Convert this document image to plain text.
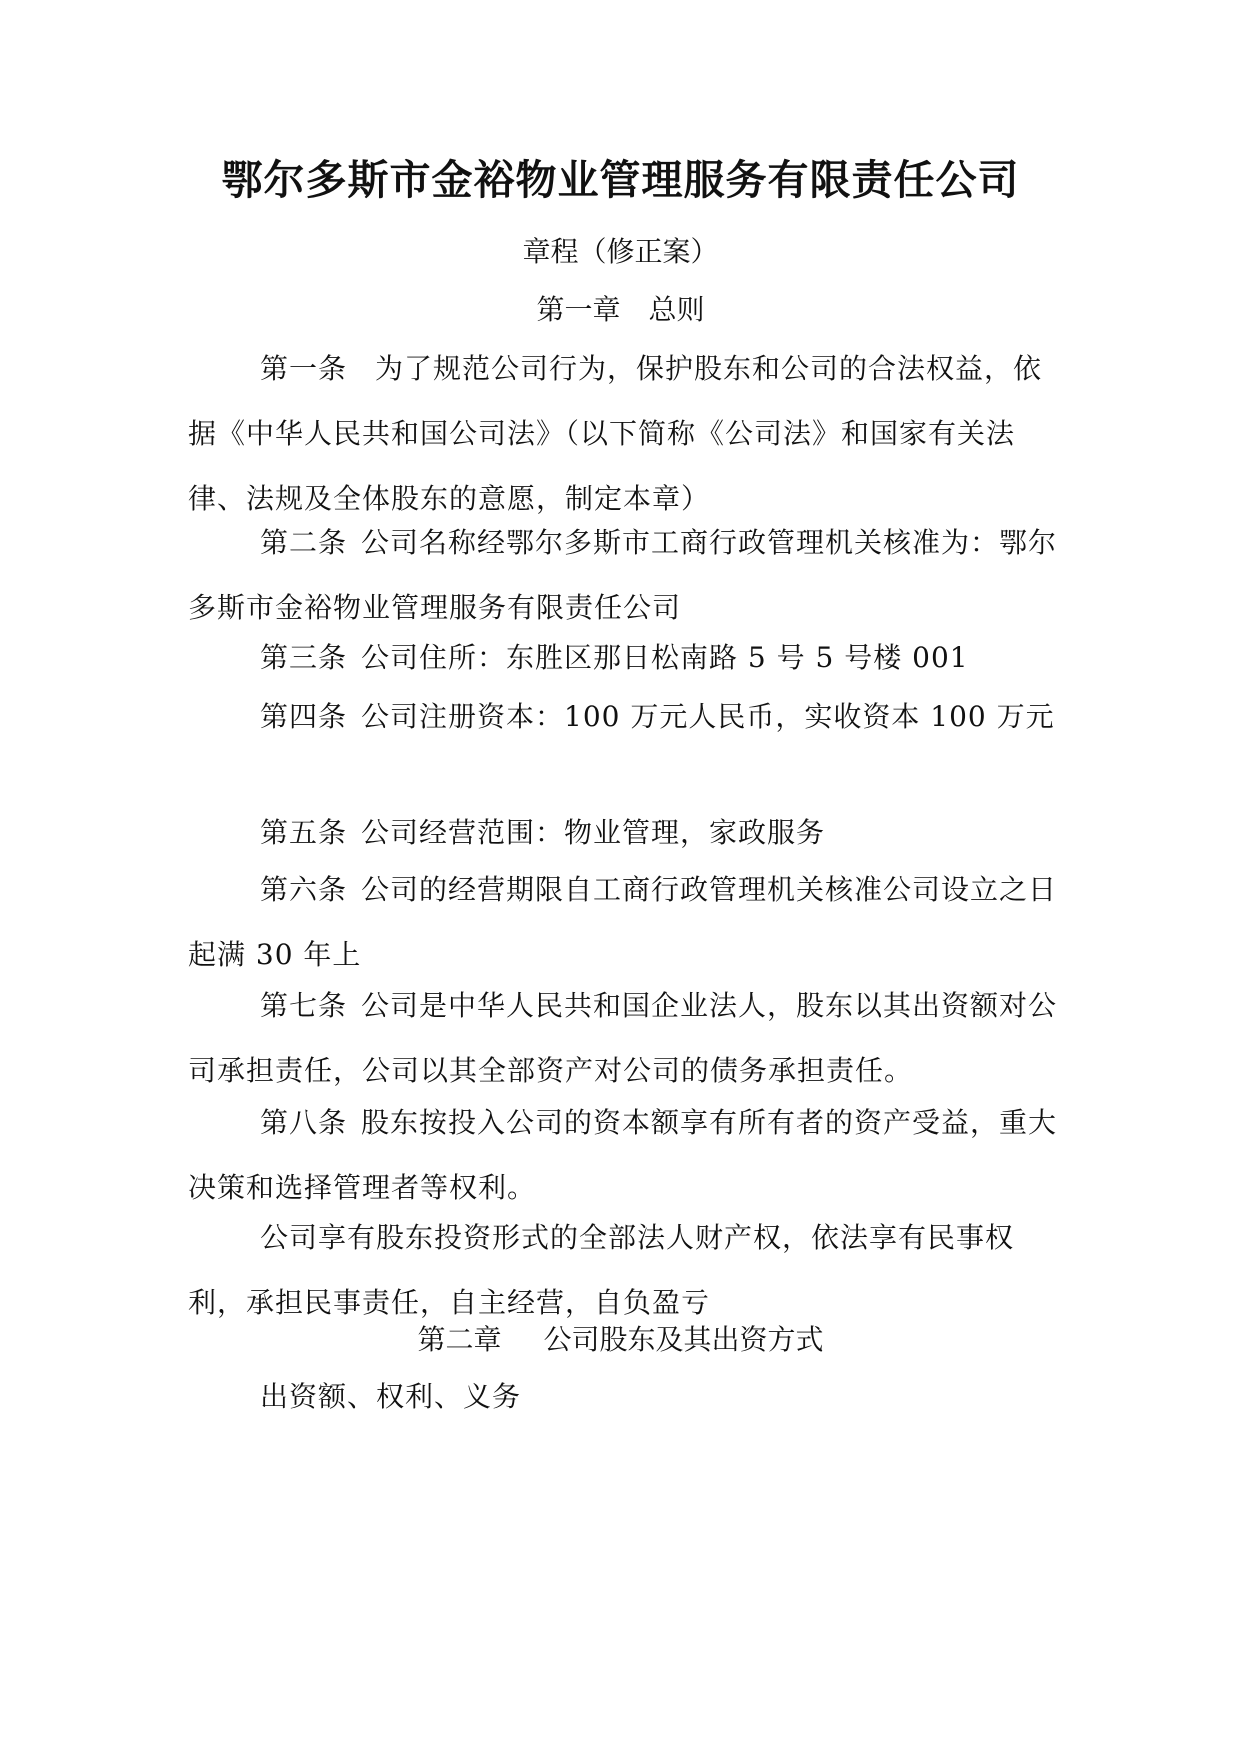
鄂尔多斯市金裕物业管理服务有限责任公司
章程（修正案）
第一章 总则
第一条 为了规范公司行为，保护股东和公司的合法权益，依据《中华人民共和国公司法》（以下简称《公司法》和国家有关法律、法规及全体股东的意愿，制定本章）
第二条 公司名称经鄂尔多斯市工商行政管理机关核准为：鄂尔多斯市金裕物业管理服务有限责任公司
第三条 公司住所：东胜区那日松南路 5 号 5 号楼 001
第四条 公司注册资本：100 万元人民币，实收资本 100 万元
第五条 公司经营范围：物业管理，家政服务
第六条 公司的经营期限自工商行政管理机关核准公司设立之日起满 30 年上
第七条 公司是中华人民共和国企业法人，股东以其出资额对公司承担责任，公司以其全部资产对公司的债务承担责任。
第八条 股东按投入公司的资本额享有所有者的资产受益，重大决策和选择管理者等权利。
公司享有股东投资形式的全部法人财产权，依法享有民事权利，承担民事责任，自主经营，自负盈亏
第二章 公司股东及其出资方式
出资额、权利、义务
